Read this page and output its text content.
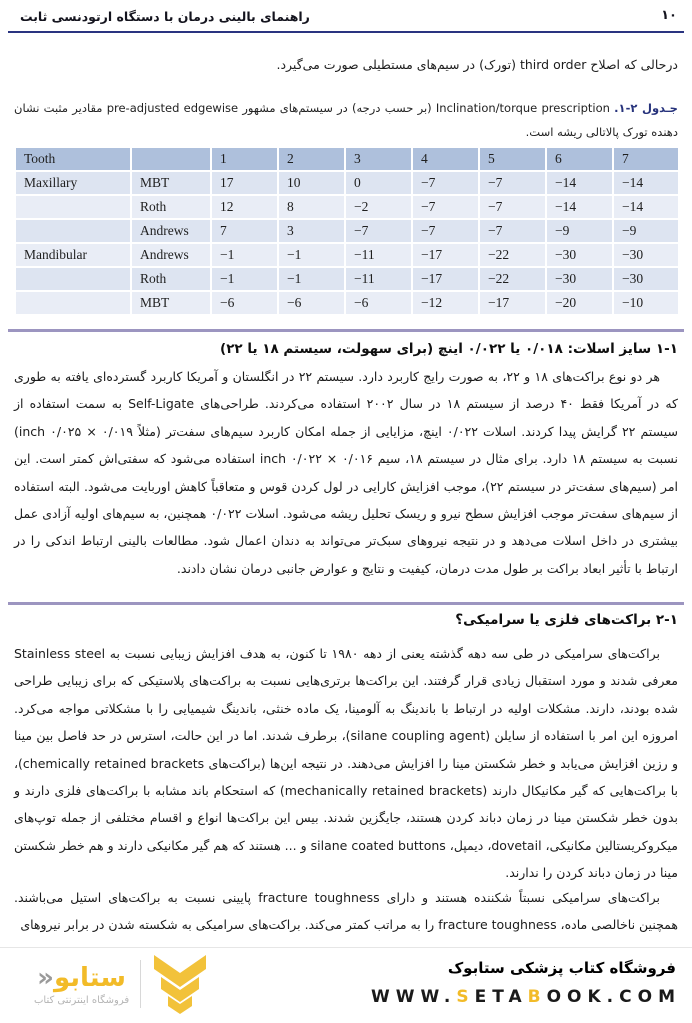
راهنمای بالینی درمان با دستگاه ارتودنسی ثابت	۱۰

درحالی که اصلاح third order (تورک) در سیم‌های مستطیلی صورت می‌گیرد.

جـدول ۲-۱. Inclination/torque prescription (بر حسب درجه) در سیستم‌های مشهور pre-adjusted edgewise مقادیر مثبت نشان دهنده تورک پالاتالی ریشه است.

Tooth		1	2	3	4	5	6	7
Maxillary	MBT	17	10	0	−7	−7	−14	−14
	Roth	12	8	−2	−7	−7	−14	−14
	Andrews	7	3	−7	−7	−7	−9	−9
Mandibular	Andrews	−1	−1	−11	−17	−22	−30	−30
	Roth	−1	−1	−11	−17	−22	−30	−30
	MBT	−6	−6	−6	−12	−17	−20	−10
۱-۱ سایز اسلات: ۰/۰۱۸ یا ۰/۰۲۲ اینچ (برای سهولت، سیستم ۱۸ یا ۲۲)

هر دو نوع براکت‌های ۱۸ و ۲۲، به صورت رایج کاربرد دارد. سیستم ۲۲ در انگلستان و آمریکا کاربرد گسترده‌ای یافته به طوری که در آمریکا فقط ۴۰ درصد از سیستم ۱۸ در سال ۲۰۰۲ استفاده می‌کردند. طراحی‌های Self-Ligate به سمت استفاده از سیستم ۲۲ گرایش پیدا کردند. اسلات ۰/۰۲۲ اینچ، مزایایی از جمله امکان کاربرد سیم‌های سفت‌تر (مثلاً ۰/۰۱۹ × ۰/۰۲۵ inch) نسبت به سیستم ۱۸ دارد. برای مثال در سیستم ۱۸، سیم ۰/۰۱۶ × ۰/۰۲۲ inch استفاده می‌شود که سفتی‌اش کمتر است. این امر (سیم‌های سفت‌تر در سیستم ۲۲)، موجب افزایش کارایی در لول کردن قوس و متعاقباً کاهش اوربایت می‌شود. البته استفاده از سیم‌های سفت‌تر موجب افزایش سطح نیرو و ریسک تحلیل ریشه می‌شود. اسلات ۰/۰۲۲ همچنین، به سیم‌های اولیه آزادی عمل بیشتری در داخل اسلات می‌دهد و در نتیجه نیروهای سبک‌تر می‌تواند به دندان اعمال شود. مطالعات بالینی ارتباط اندکی را در ارتباط با تأثیر ابعاد براکت بر طول مدت درمان، کیفیت و نتایج و عوارض جانبی درمان نشان دادند.

۲-۱ براکت‌های فلزی یا سرامیکی؟

براکت‌های سرامیکی در طی سه دهه گذشته یعنی از دهه ۱۹۸۰ تا کنون، به هدف افزایش زیبایی نسبت به Stainless steel معرفی شدند و مورد استقبال زیادی قرار گرفتند. این براکت‌ها برتری‌هایی نسبت به براکت‌های پلاستیکی که برای زیبایی طراحی شده بودند، دارند. مشکلات اولیه در ارتباط با باندینگ به آلومینا، یک ماده خنثی، باندینگ شیمیایی را با مشکلاتی مواجه می‌کرد. امروزه این امر با استفاده از سایلن (silane coupling agent)، برطرف شدند. اما در این حالت، استرس در حد فاصل بین مینا و رزین افزایش می‌یابد و خطر شکستن مینا را افزایش می‌دهند. در نتیجه این‌ها (براکت‌های chemically retained brackets)، با براکت‌هایی که گیر مکانیکال دارند (mechanically retained brackets) که استحکام باند مشابه با براکت‌های فلزی دارند و بدون خطر شکستن مینا در زمان دباند کردن هستند، جایگزین شدند. بیس این براکت‌ها انواع و اقسام مختلفی از جمله توپ‌های میکروکریستالین مکانیکی، dovetail، دیمپل، silane coated buttons و ... هستند که هم گیر مکانیکی دارند و هم خطر شکستن مینا در زمان دباند کردن را ندارند.

براکت‌های سرامیکی نسبتاً شکننده هستند و دارای fracture toughness پایینی نسبت به براکت‌های استیل می‌باشند. همچنین ناخالصی ماده، fracture toughness را به مراتب کمتر می‌کند. براکت‌های سرامیکی به شکسته شدن در برابر نیروهای

فروشگاه کتاب پزشکی ستابوک
WWW.SETABOOK.COM
ستابو«
فروشگاه اینترنتی کتاب
